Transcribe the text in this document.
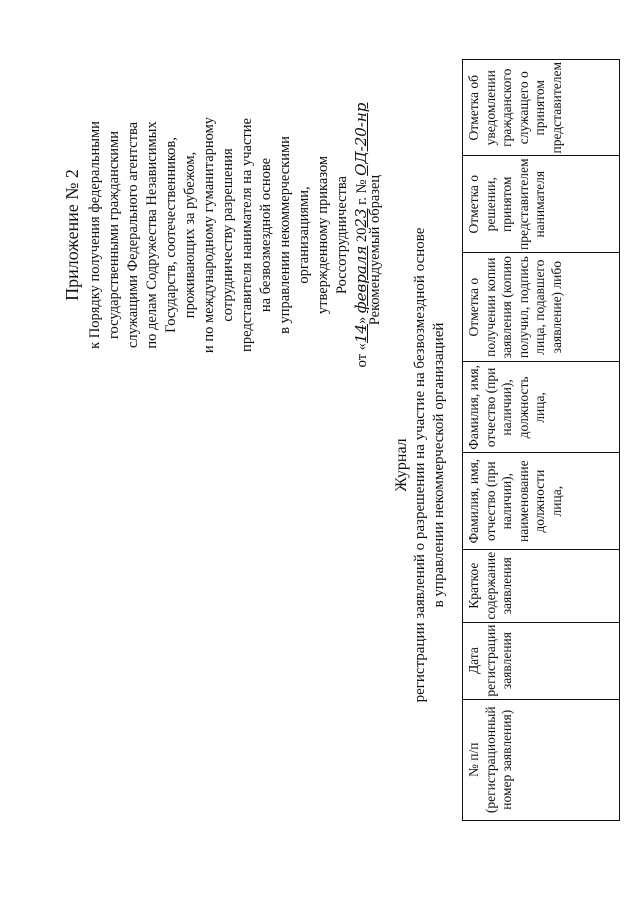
Приложение № 2 к Порядку получения федеральными государственными гражданскими служащими Федерального агентства по делам Содружества Независимых Государств, соотечественников, проживающих за рубежом, и по международному гуманитарному сотрудничеству разрешения представителя нанимателя на участие на безвозмездной основе в управлении некоммерческими организациями, утвержденному приказом Россотрудничества
от «14» февраля 2023 г. № ОД-20-нр
Рекомендуемый образец
Журнал регистрации заявлений о разрешении на участие на безвозмездной основе в управлении некоммерческой организацией
№ п/п (регистрационный номер заявления)	Дата регистрации заявления	Краткое содержание заявления	Фамилия, имя, отчество (при наличии), наименование должности лица,	Фамилия, имя, отчество (при наличии), должность лица,	Отметка о получении копии заявления (копию получил, подпись лица, подавшего заявление) либо	Отметка о решении, принятом представителем нанимателя	Отметка об уведомлении гражданского служащего о принятом представителем
